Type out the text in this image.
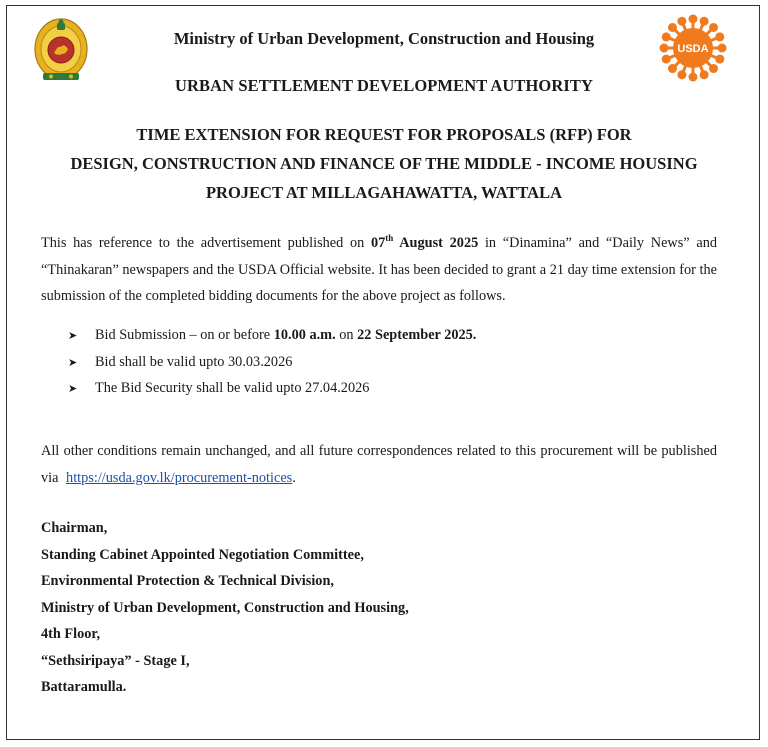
USDA
Ministry of Urban Development, Construction and Housing
URBAN SETTLEMENT DEVELOPMENT AUTHORITY
TIME EXTENSION FOR REQUEST FOR PROPOSALS (RFP) FOR
DESIGN, CONSTRUCTION AND FINANCE OF THE MIDDLE - INCOME HOUSING
PROJECT AT MILLAGAHAWATTA, WATTALA
This has reference to the advertisement published on 07th August 2025 in “Dinamina” and “Daily News” and “Thinakaran” newspapers and the USDA Official website. It has been decided to grant a 21 day time extension for the submission of the completed bidding documents for the above project as follows.
➤ Bid Submission – on or before 10.00 a.m. on 22 September 2025.
➤ Bid shall be valid upto 30.03.2026
➤ The Bid Security shall be valid upto 27.04.2026
All other conditions remain unchanged, and all future correspondences related to this procurement will be published via https://usda.gov.lk/procurement-notices.
Chairman,
Standing Cabinet Appointed Negotiation Committee,
Environmental Protection & Technical Division,
Ministry of Urban Development, Construction and Housing,
4th Floor,
“Sethsiripaya” - Stage I,
Battaramulla.
